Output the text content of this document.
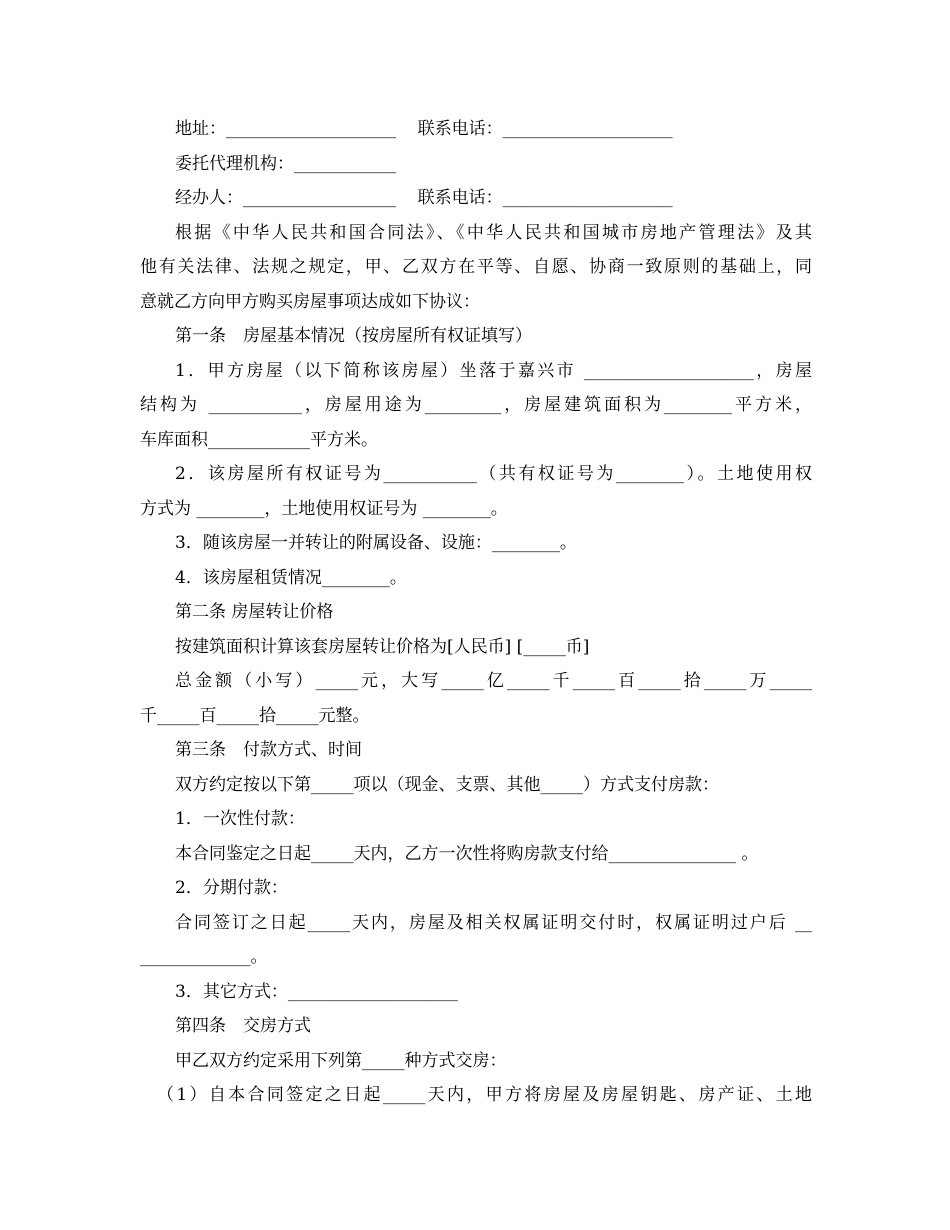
地址：____________________    联系电话：____________________
委托代理机构：____________
经办人：__________________    联系电话：____________________
根据《中华人民共和国合同法》、《中华人民共和国城市房地产管理法》及其
他有关法律、法规之规定，甲、乙双方在平等、自愿、协商一致原则的基础上，同
意就乙方向甲方购买房屋事项达成如下协议：
第一条　房屋基本情况（按房屋所有权证填写）
1．甲方房屋（以下简称该房屋）坐落于嘉兴市 ____________________，房屋
结构为 ___________，房屋用途为_________，房屋建筑面积为________平方米，
车库面积____________平方米。
2．该房屋所有权证号为___________（共有权证号为________）。土地使用权
方式为 ________，土地使用权证号为 ________。
3．随该房屋一并转让的附属设备、设施：________。
4．该房屋租赁情况________。
第二条 房屋转让价格
按建筑面积计算该套房屋转让价格为[人民币] [_____币]
总金额（小写）_____元，大写_____亿_____千_____百_____拾_____万_____
千_____百_____拾_____元整。
第三条　付款方式、时间
双方约定按以下第_____项以（现金、支票、其他_____）方式支付房款：
1．一次性付款：
本合同鉴定之日起_____天内，乙方一次性将购房款支付给_______________ 。
2．分期付款：
合同签订之日起_____天内，房屋及相关权属证明交付时，权属证明过户后 __
_____________。
3．其它方式：____________________
第四条　交房方式
甲乙双方约定采用下列第_____种方式交房：
（1）自本合同签定之日起_____天内，甲方将房屋及房屋钥匙、房产证、土地
